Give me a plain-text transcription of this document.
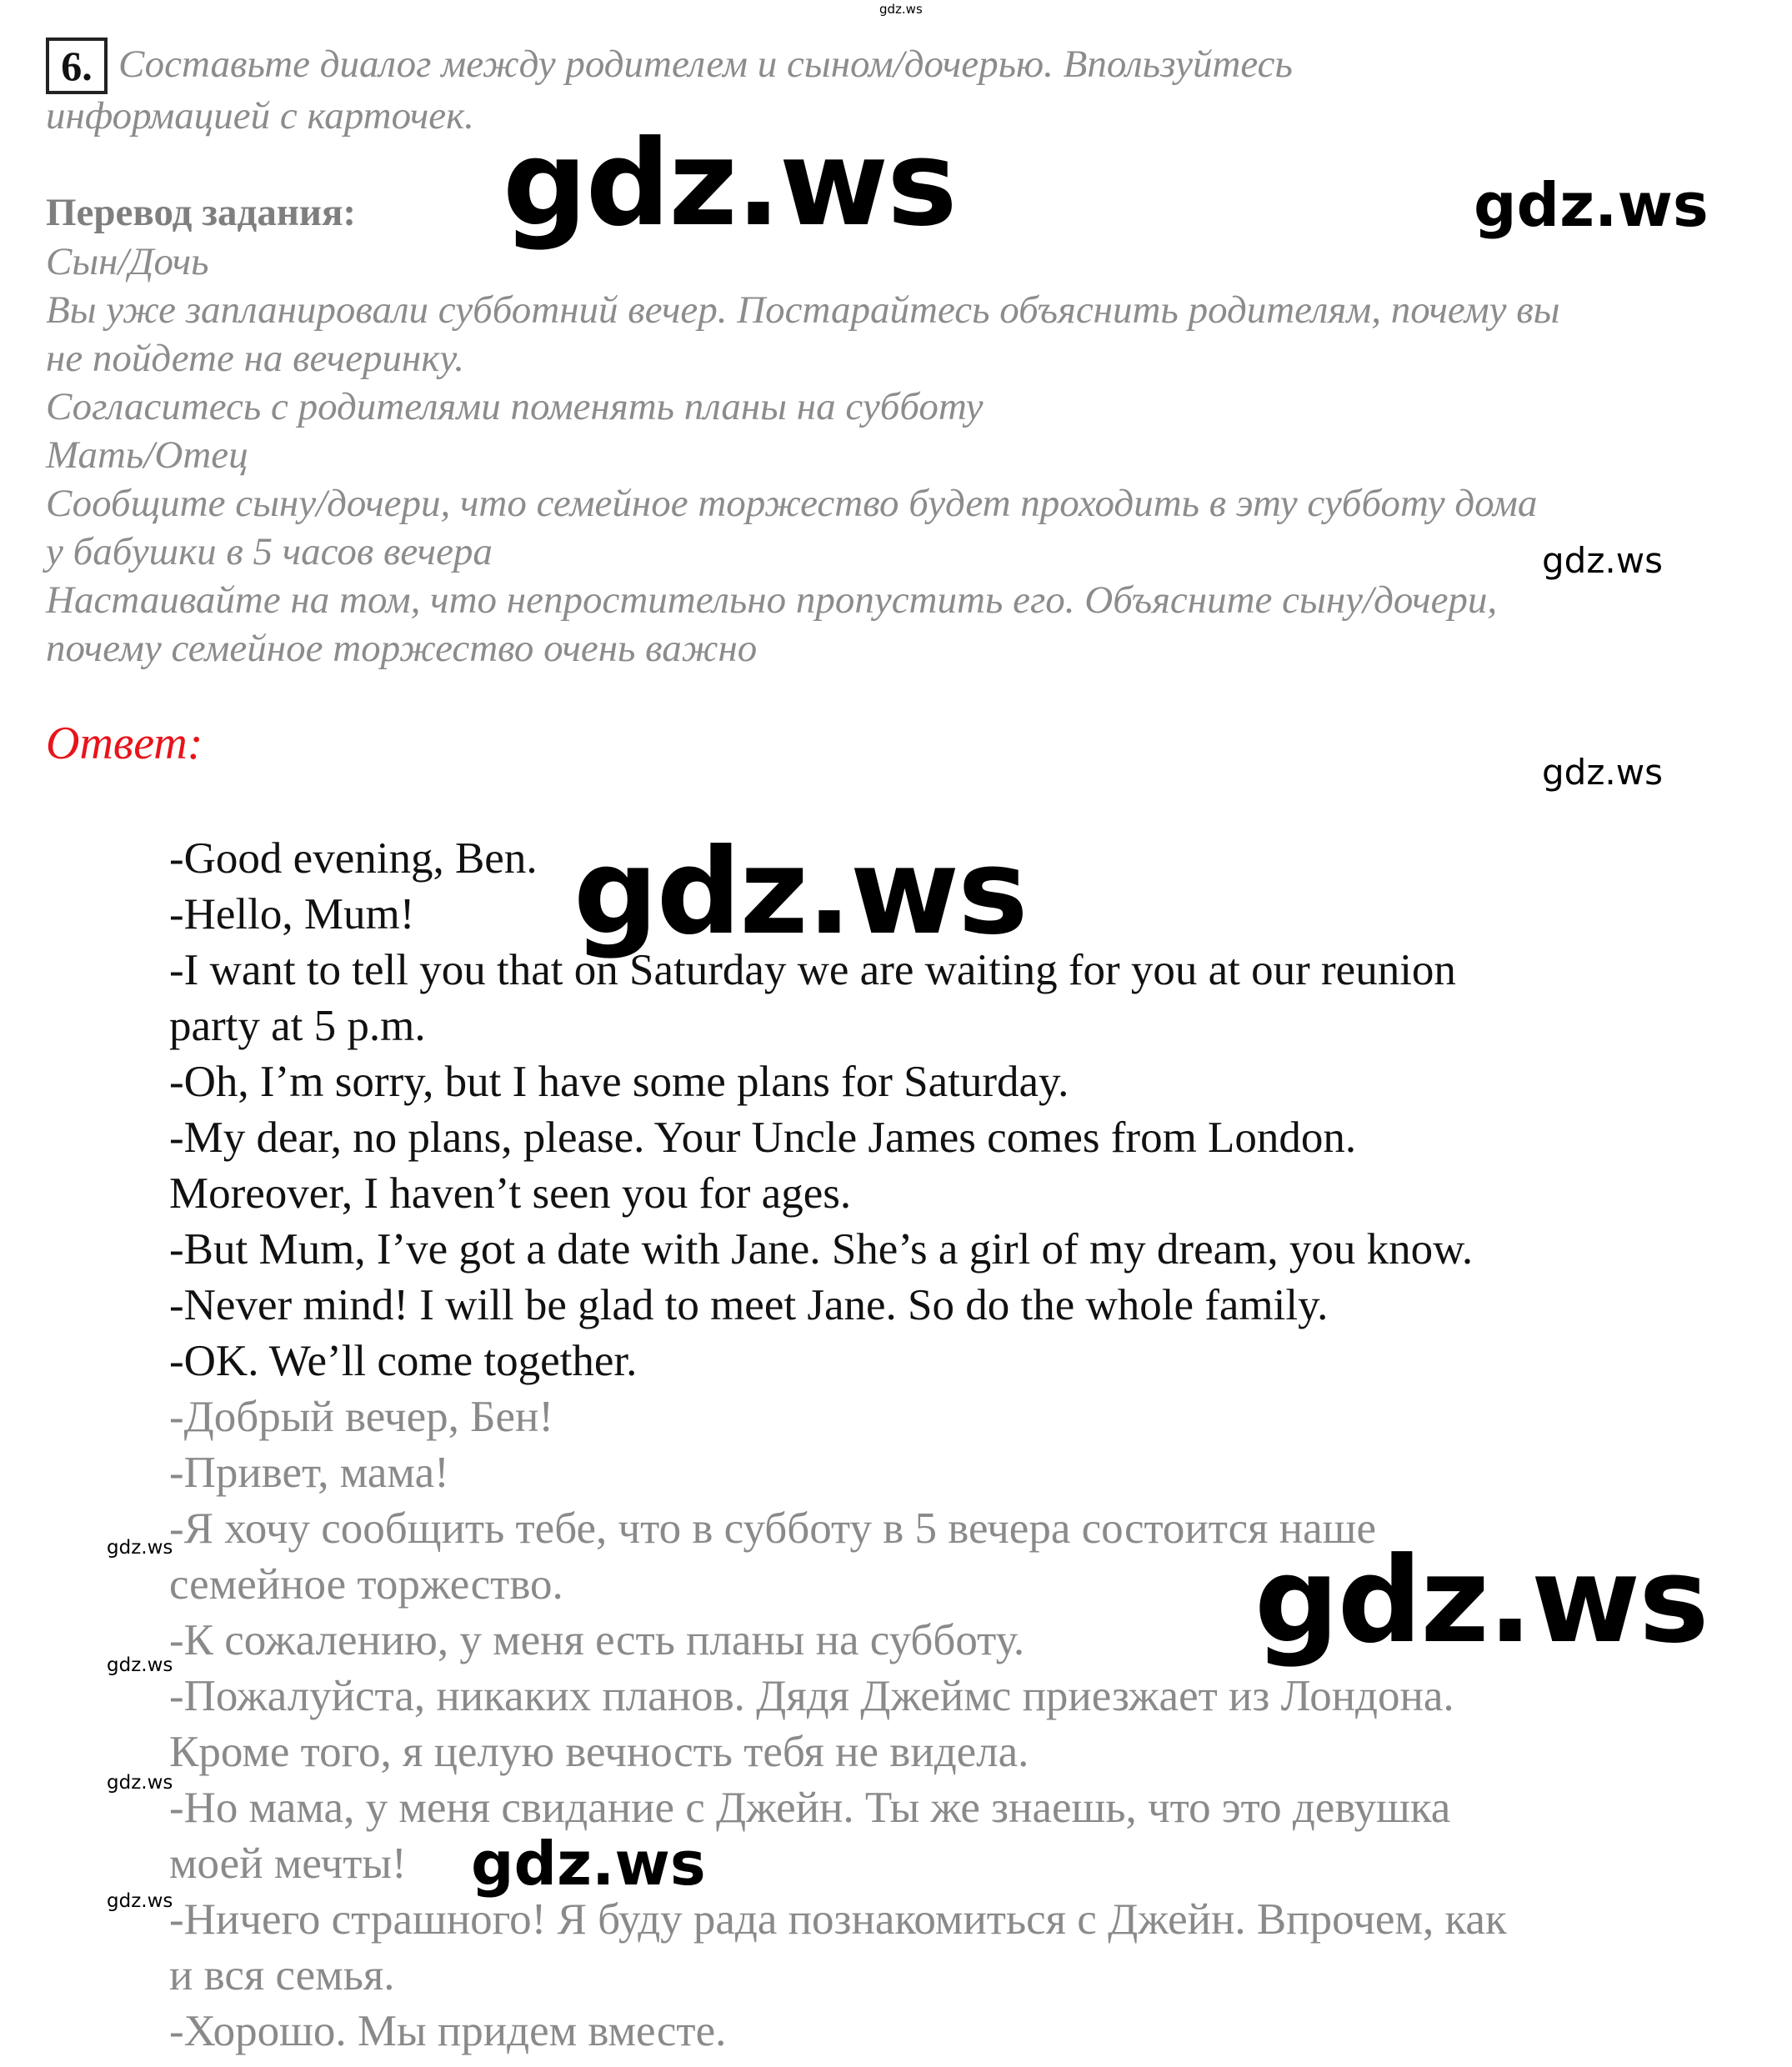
gdz.ws
gdz.ws	gdz.ws
gdz.ws
gdz.ws
gdz.ws
gdz.ws
gdz.ws
gdz.ws
gdz.ws
gdz.ws
gdz.ws
6. Составьте диалог между родителем и сыном/дочерью. Впользуйтесь
информацией с карточек.
Перевод задания:
Сын/Дочь
Вы уже запланировали субботний вечер. Постарайтесь объяснить родителям, почему вы
не пойдете на вечеринку.
Согласитесь с родителями поменять планы на субботу
Мать/Отец
Сообщите сыну/дочери, что семейное торжество будет проходить в эту субботу дома
у бабушки в 5 часов вечера
Настаивайте на том, что непростительно пропустить его. Объясните сыну/дочери,
почему семейное торжество очень важно
Ответ:
-Good evening, Ben.
-Hello, Mum!
-I want to tell you that on Saturday we are waiting for you at our reunion
party at 5 p.m.
-Oh, I’m sorry, but I have some plans for Saturday.
-My dear, no plans, please. Your Uncle James comes from London.
Moreover, I haven’t seen you for ages.
-But Mum, I’ve got a date with Jane. She’s a girl of my dream, you know.
-Never mind! I will be glad to meet Jane. So do the whole family.
-OK. We’ll come together.
-Добрый вечер, Бен!
-Привет, мама!
-Я хочу сообщить тебе, что в субботу в 5 вечера состоится наше
семейное торжество.
-К сожалению, у меня есть планы на субботу.
-Пожалуйста, никаких планов. Дядя Джеймс приезжает из Лондона.
Кроме того, я целую вечность тебя не видела.
-Но мама, у меня свидание с Джейн. Ты же знаешь, что это девушка
моей мечты!
-Ничего страшного! Я буду рада познакомиться с Джейн. Впрочем, как
и вся семья.
-Хорошо. Мы придем вместе.
